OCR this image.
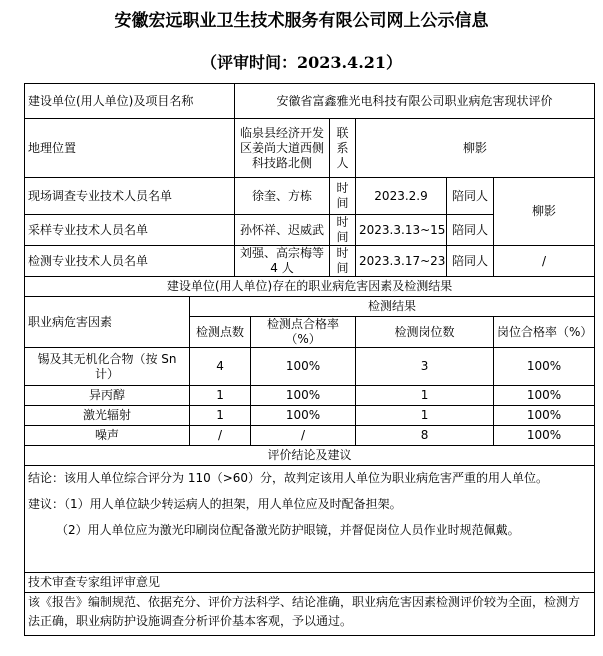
安徽宏远职业卫生技术服务有限公司网上公示信息
（评审时间：2023.4.21）
建设单位(用人单位)及项目名称		安徽省富鑫雅光电科技有限公司职业病危害现状评价					
地理位置		临泉县经济开发区姜尚大道西侧科技路北侧		联系人	柳影		
现场调查专业技术人员名单		徐奎、方栋		时间	2023.2.9	陪同人	柳影
采样专业技术人员名单		孙怀祥、迟威武		时间	2023.3.13~15	陪同人	
检测专业技术人员名单		刘强、高宗梅等 4 人		时间	2023.3.17~23	陪同人	/
建设单位(用人单位)存在的职业病危害因素及检测结果							
职业病危害因素	检测结果						
	检测点数		检测点合格率（%）		检测岗位数		岗位合格率（%）
锡及其无机化合物（按 Sn 计）	4		100%		3		100%
异丙醇	1		100%		1		100%
激光辐射	1		100%		1		100%
噪声	/		/		8		100%
评价结论及建议							

结论：该用人单位综合评分为 110（>60）分，故判定该用人单位为职业病危害严重的用人单位。
建议：（1）用人单位缺少转运病人的担架，用人单位应及时配备担架。
（2）用人单位应为激光印刷岗位配备激光防护眼镜，并督促岗位人员作业时规范佩戴。							

技术审查专家组评审意见							
该《报告》编制规范、依据充分、评价方法科学、结论准确，职业病危害因素检测评价较为全面，检测方法正确，职业病防护设施调查分析评价基本客观，予以通过。							
